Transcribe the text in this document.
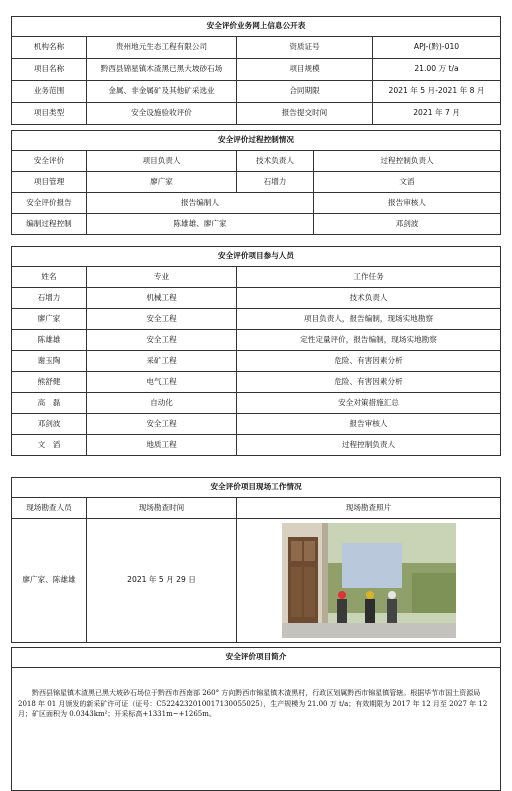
安全评价业务网上信息公开表			
机构名称	贵州地元生态工程有限公司	资质证号	APJ-(黔)-010
项目名称	黔西县锦星镇木渣黑已黑大坡砂石场	项目规模	21.00 万 t/a
业务范围	金属、非金属矿及其他矿采选业	合同期限	2021 年 5 月-2021 年 8 月
项目类型	安全设施验收评价	报告提交时间	2021 年 7 月
安全评价过程控制情况			
安全评价	项目负责人	技术负责人	过程控制负责人
项目管理	廖广家	石增力	文滔
安全评价报告	报告编制人		报告审核人
编制过程控制	陈雄雄、廖广家		邓剑波
安全评价项目参与人员		
姓名	专业	工作任务
石增力	机械工程	技术负责人
廖广家	安全工程	项目负责人，报告编制，现场实地勘察
陈雄雄	安全工程	定性定量评价，报告编制，现场实地勘察
谢玉陶	采矿工程	危险、有害因素分析
熊舒健	电气工程	危险、有害因素分析
高　磊	自动化	安全对策措施汇总
邓剑波	安全工程	报告审核人
文　滔	地质工程	过程控制负责人
安全评价项目现场工作情况		
现场勘查人员	现场勘查时间	现场勘查照片
廖广家、陈雄雄	2021 年 5 月 29 日	
安全评价项目简介
黔西县锦星镇木渣黑已黑大坡砂石场位于黔西市西南部 260° 方向黔西市锦星镇木渣黑村，行政区划属黔西市锦星镇管辖。根据毕节市国土资源局 2018 年 01 月颁发的新采矿许可证（证号：C5224232010017130055025），生产规模为 21.00 万 t/a；有效期限为 2017 年 12 月至 2027 年 12 月；矿区面积为 0.0343km²；开采标高+1331m~+1265m。
